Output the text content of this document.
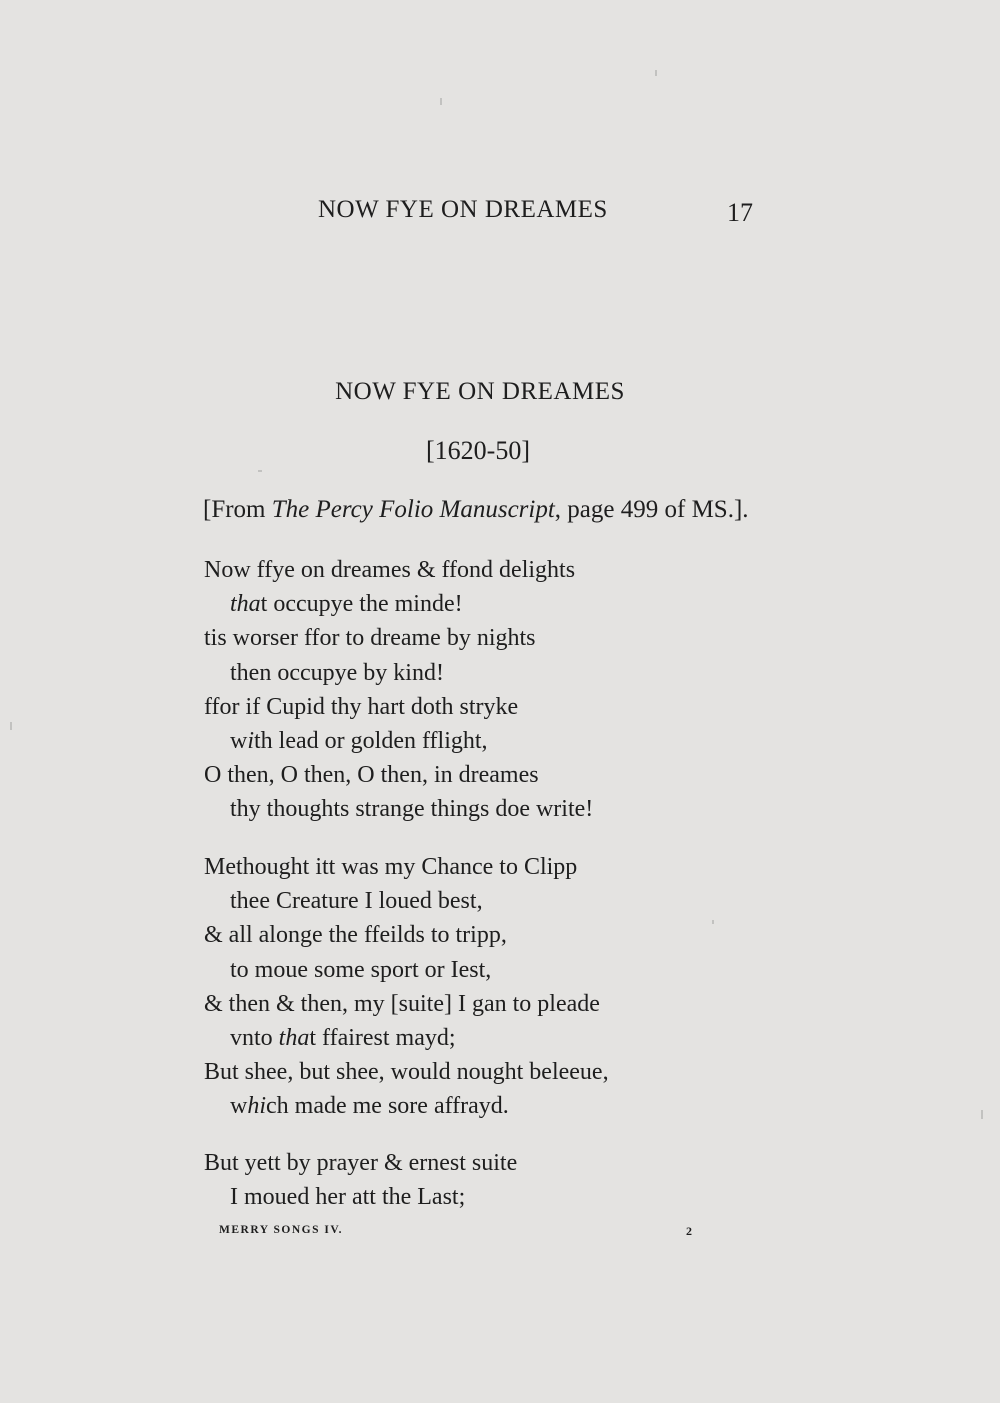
NOW FYE ON DREAMES	17
NOW FYE ON DREAMES
[1620-50]
[From The Percy Folio Manuscript, page 499 of MS.].
Now ffye on dreames & ffond delights
that occupye the minde!
tis worser ffor to dreame by nights
then occupye by kind!
ffor if Cupid thy hart doth stryke
with lead or golden fflight,
O then, O then, O then, in dreames
thy thoughts strange things doe write!
Methought itt was my Chance to Clipp
thee Creature I loued best,
& all alonge the ffeilds to tripp,
to moue some sport or Iest,
& then & then, my [suite] I gan to pleade
vnto that ffairest mayd;
But shee, but shee, would nought beleeue,
which made me sore affrayd.
But yett by prayer & ernest suite
I moued her att the Last;
MERRY SONGS IV.	2
